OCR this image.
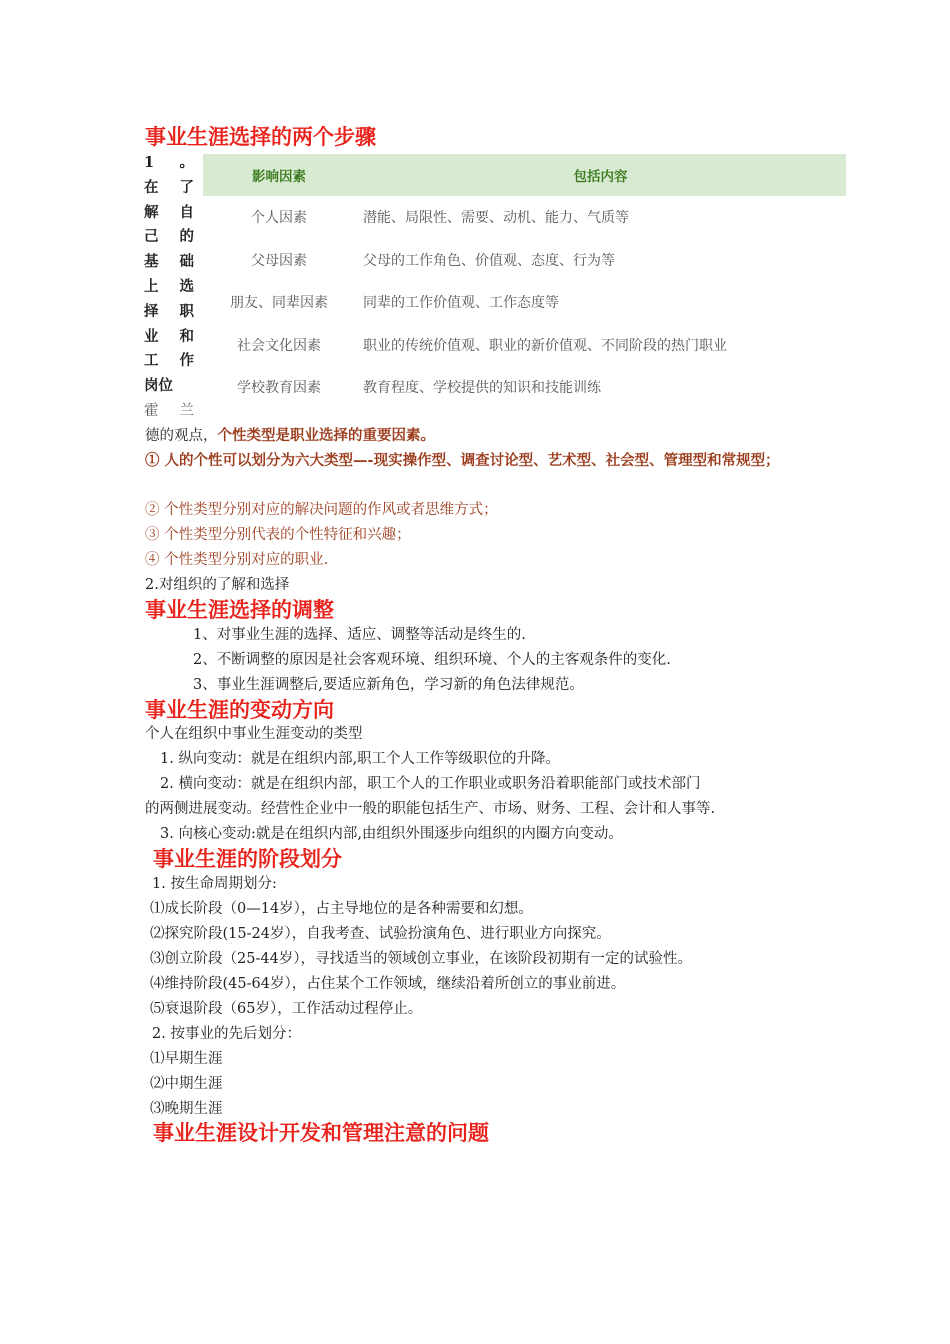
事业生涯选择的两个步骤
1 。
在 了
解 自
己 的
基 础
上 选
择 职
业 和
工 作
岗位
霍 兰
影响因素	包括内容
个人因素	潜能、局限性、需要、动机、能力、气质等
父母因素	父母的工作角色、价值观、态度、行为等
朋友、同辈因素	同辈的工作价值观、工作态度等
社会文化因素	职业的传统价值观、职业的新价值观、不同阶段的热门职业
学校教育因素	教育程度、学校提供的知识和技能训练

德的观点，个性类型是职业选择的重要因素。

① 人的个性可以划分为六大类型—-现实操作型、调查讨论型、艺术型、社会型、管理型和常规型；

② 个性类型分别对应的解决问题的作风或者思维方式；

③ 个性类型分别代表的个性特征和兴趣；

④ 个性类型分别对应的职业.

2.对组织的了解和选择

事业生涯选择的调整

1、对事业生涯的选择、适应、调整等活动是终生的.

2、不断调整的原因是社会客观环境、组织环境、个人的主客观条件的变化.

3、事业生涯调整后,要适应新角色，学习新的角色法律规范。

事业生涯的变动方向

个人在组织中事业生涯变动的类型

1. 纵向变动：就是在组织内部,职工个人工作等级职位的升降。

2. 横向变动：就是在组织内部，职工个人的工作职业或职务沿着职能部门或技术部门

的两侧进展变动。经营性企业中一般的职能包括生产、市场、财务、工程、会计和人事等.

3. 向核心变动:就是在组织内部,由组织外围逐步向组织的内圈方向变动。

事业生涯的阶段划分

1. 按生命周期划分:

⑴成长阶段（0—14岁），占主导地位的是各种需要和幻想。

⑵探究阶段(15-24岁），自我考查、试验扮演角色、进行职业方向探究。

⑶创立阶段（25-44岁），寻找适当的领域创立事业，在该阶段初期有一定的试验性。

⑷维持阶段(45-64岁），占住某个工作领域，继续沿着所创立的事业前进。

⑸衰退阶段（65岁），工作活动过程停止。

2. 按事业的先后划分：

⑴早期生涯

⑵中期生涯

⑶晚期生涯

事业生涯设计开发和管理注意的问题
